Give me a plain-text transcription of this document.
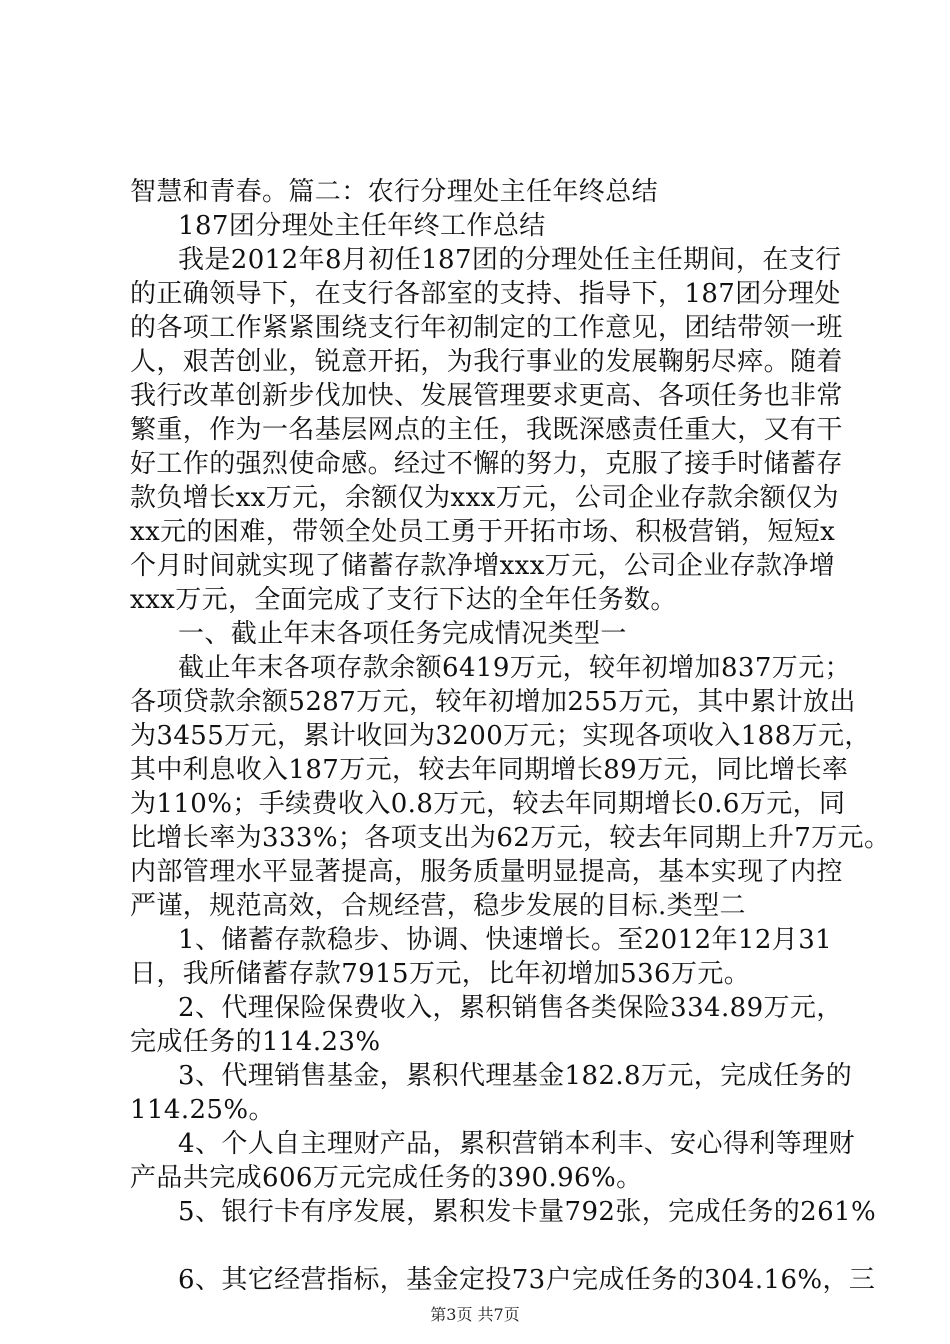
智慧和青春。篇二：农行分理处主任年终总结
187团分理处主任年终工作总结
我是2012年8月初任187团的分理处任主任期间，在支行
的正确领导下，在支行各部室的支持、指导下，187团分理处
的各项工作紧紧围绕支行年初制定的工作意见，团结带领一班
人，艰苦创业，锐意开拓，为我行事业的发展鞠躬尽瘁。随着
我行改革创新步伐加快、发展管理要求更高、各项任务也非常
繁重，作为一名基层网点的主任，我既深感责任重大，又有干
好工作的强烈使命感。经过不懈的努力，克服了接手时储蓄存
款负增长xx万元，余额仅为xxx万元，公司企业存款余额仅为
xx元的困难，带领全处员工勇于开拓市场、积极营销，短短x
个月时间就实现了储蓄存款净增xxx万元，公司企业存款净增
xxx万元，全面完成了支行下达的全年任务数。
一、截止年末各项任务完成情况类型一
截止年末各项存款余额6419万元，较年初增加837万元；
各项贷款余额5287万元，较年初增加255万元，其中累计放出
为3455万元，累计收回为3200万元；实现各项收入188万元，
其中利息收入187万元，较去年同期增长89万元，同比增长率
为110%；手续费收入0.8万元，较去年同期增长0.6万元，同
比增长率为333%；各项支出为62万元，较去年同期上升7万元。
内部管理水平显著提高，服务质量明显提高，基本实现了内控
严谨，规范高效，合规经营，稳步发展的目标.类型二
1、储蓄存款稳步、协调、快速增长。至2012年12月31
日，我所储蓄存款7915万元，比年初增加536万元。
2、代理保险保费收入，累积销售各类保险334.89万元，
完成任务的114.23%
3、代理销售基金，累积代理基金182.8万元，完成任务的
114.25%。
4、个人自主理财产品，累积营销本利丰、安心得利等理财
产品共完成606万元完成任务的390.96%。
5、银行卡有序发展，累积发卡量792张，完成任务的261%
6、其它经营指标，基金定投73户完成任务的304.16%，三
第3页 共7页
